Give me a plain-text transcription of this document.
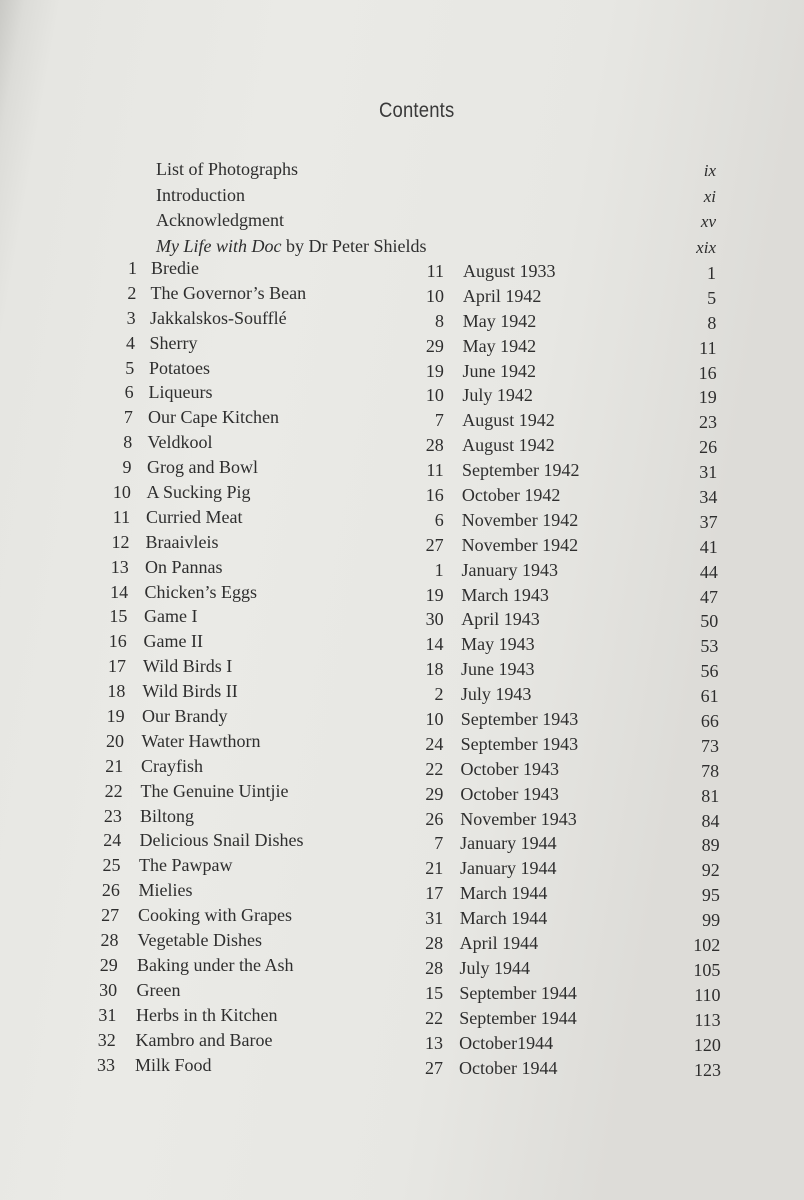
Contents
List of Photographs	ix
Introduction	xi
Acknowledgment	xv
My Life with Doc by Dr Peter Shields	xix
1 Bredie	11 August 1933	1
2 The Governor’s Bean	10 April 1942	5
3 Jakkalskos-Soufflé	8 May 1942	8
4 Sherry	29 May 1942	11
5 Potatoes	19 June 1942	16
6 Liqueurs	10 July 1942	19
7 Our Cape Kitchen	7 August 1942	23
8 Veldkool	28 August 1942	26
9 Grog and Bowl	11 September 1942	31
10 A Sucking Pig	16 October 1942	34
11 Curried Meat	6 November 1942	37
12 Braaivleis	27 November 1942	41
13 On Pannas	1 January 1943	44
14 Chicken’s Eggs	19 March 1943	47
15 Game I	30 April 1943	50
16 Game II	14 May 1943	53
17 Wild Birds I	18 June 1943	56
18 Wild Birds II	2 July 1943	61
19 Our Brandy	10 September 1943	66
20 Water Hawthorn	24 September 1943	73
21 Crayfish	22 October 1943	78
22 The Genuine Uintjie	29 October 1943	81
23 Biltong	26 November 1943	84
24 Delicious Snail Dishes	7 January 1944	89
25 The Pawpaw	21 January 1944	92
26 Mielies	17 March 1944	95
27 Cooking with Grapes	31 March 1944	99
28 Vegetable Dishes	28 April 1944	102
29 Baking under the Ash	28 July 1944	105
30 Green	15 September 1944	110
31 Herbs in th Kitchen	22 September 1944	113
32 Kambro and Baroe	13 October1944	120
33 Milk Food	27 October 1944	123
